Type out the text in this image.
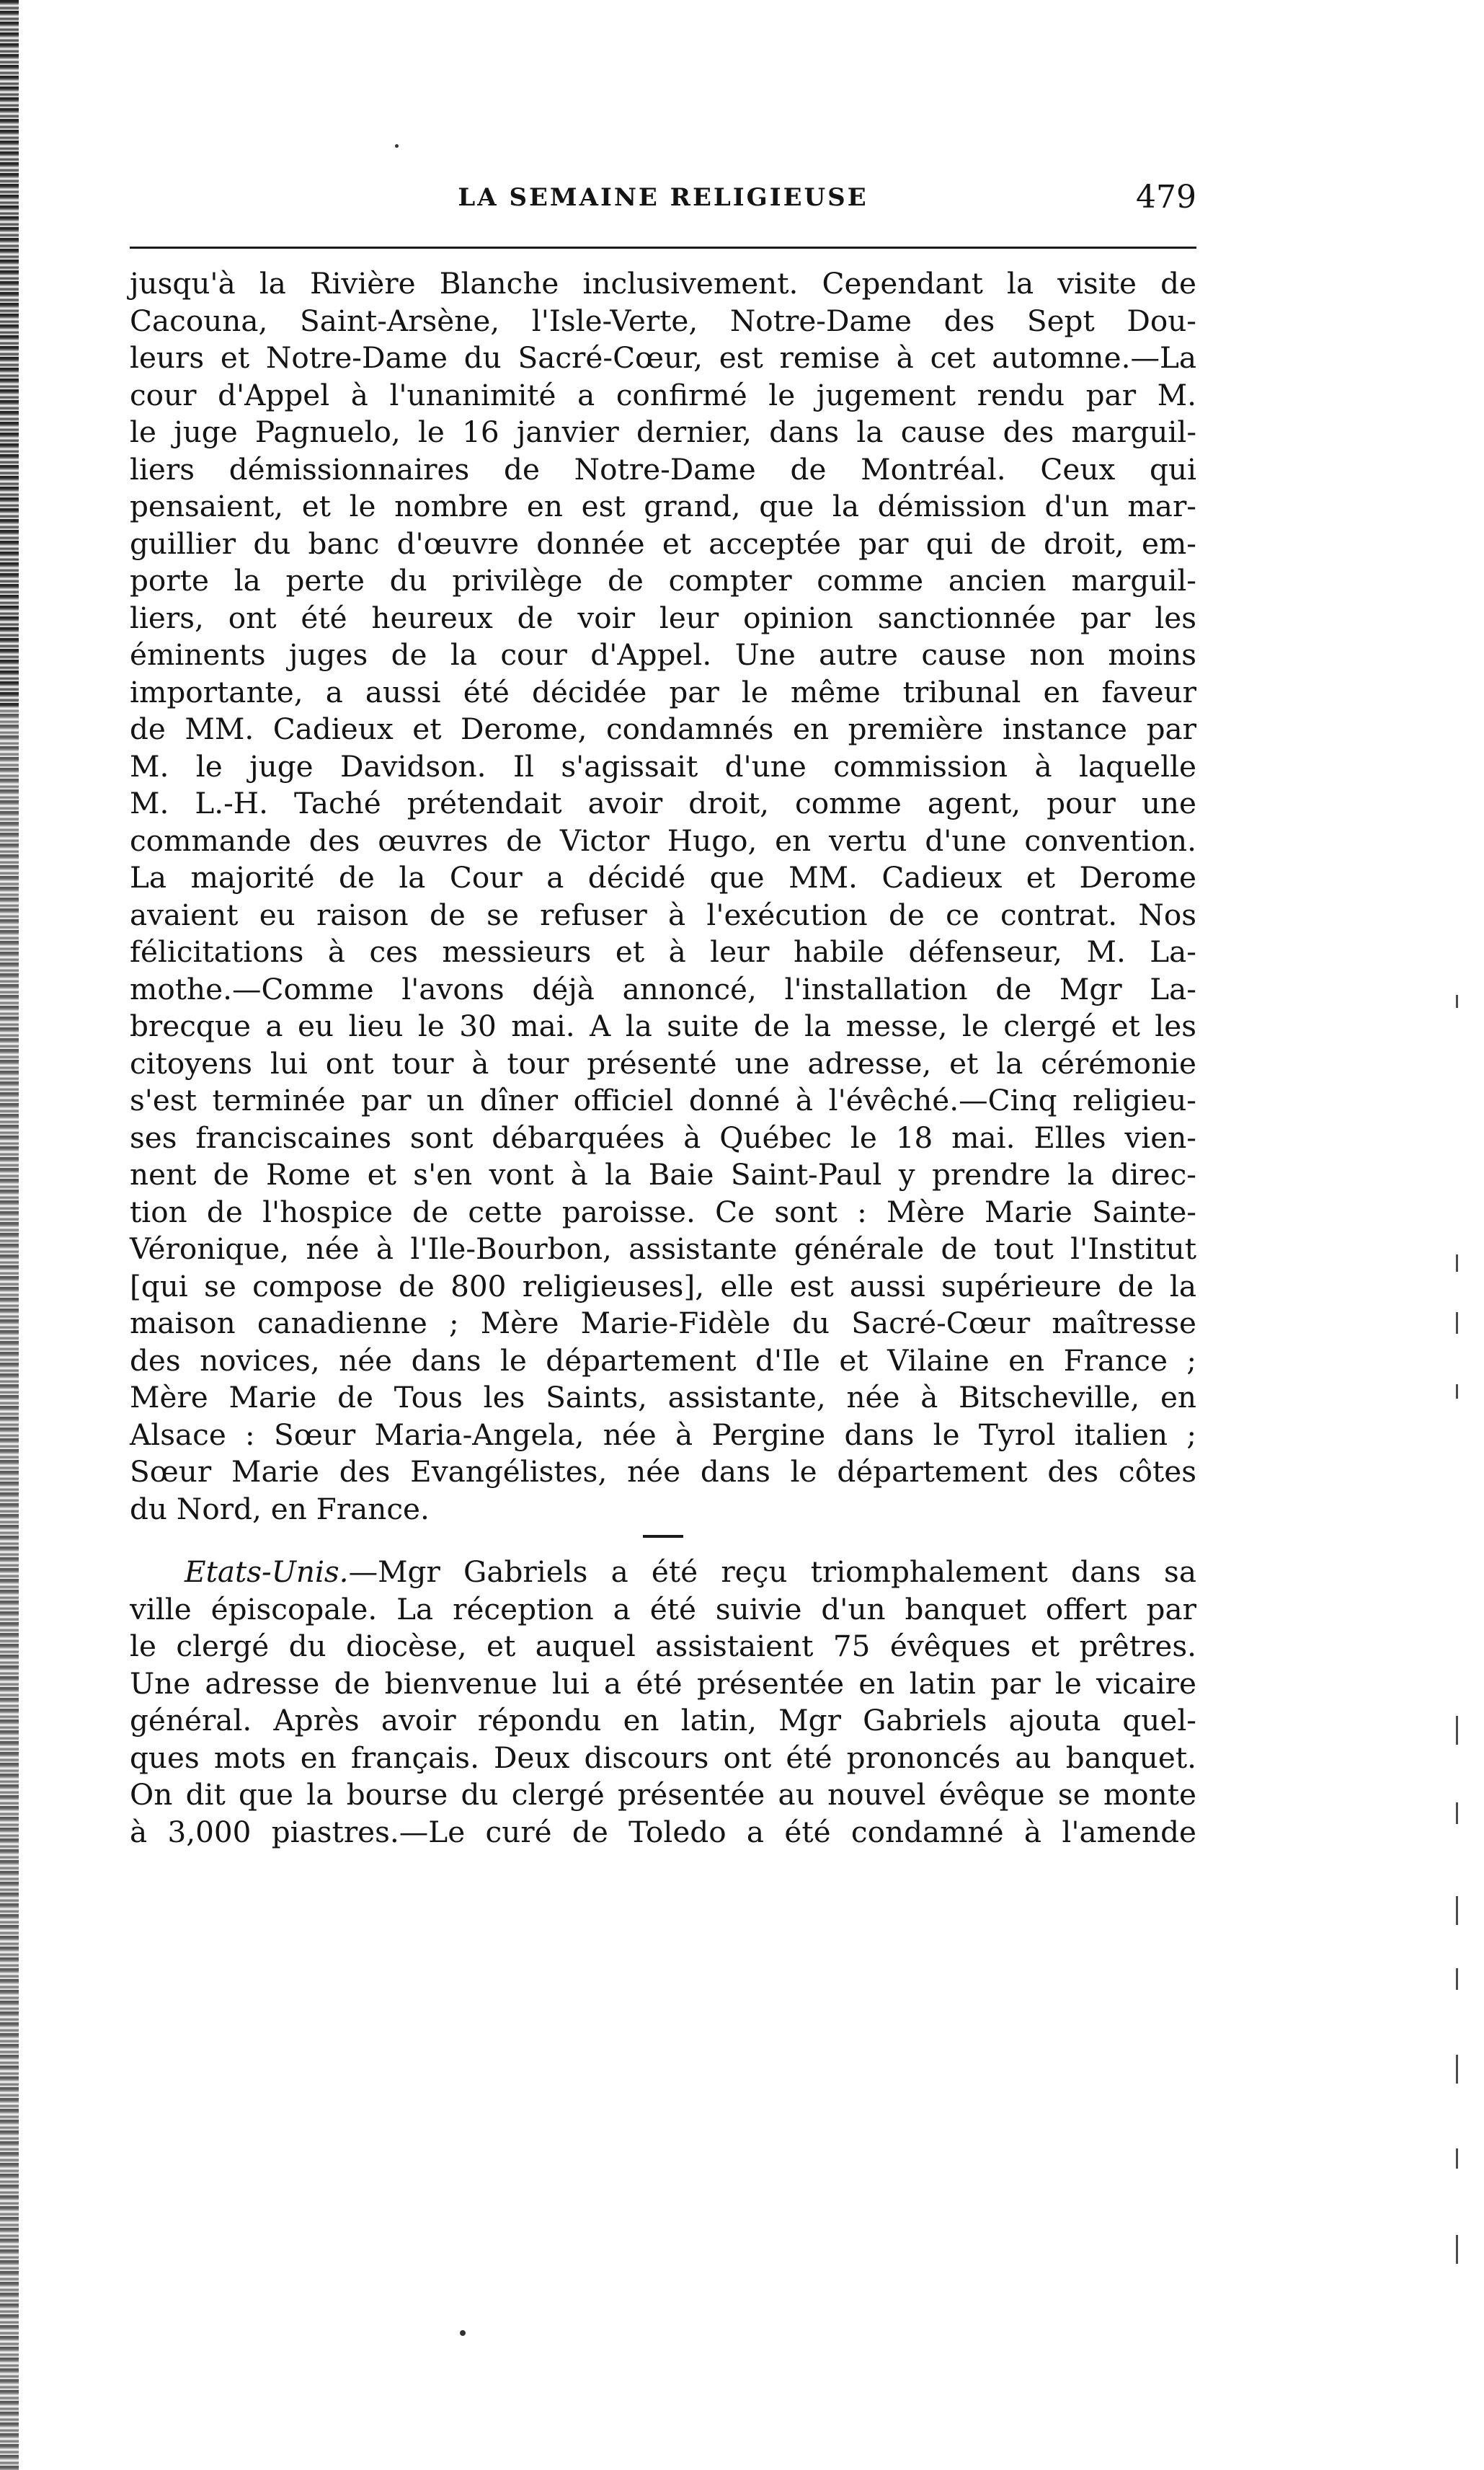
LA SEMAINE RELIGIEUSE	479
jusqu'à la Rivière Blanche inclusivement. Cependant la visite de
Cacouna, Saint-Arsène, l'Isle-Verte, Notre-Dame des Sept Dou-
leurs et Notre-Dame du Sacré-Cœur, est remise à cet automne.—La
cour d'Appel à l'unanimité a confirmé le jugement rendu par M.
le juge Pagnuelo, le 16 janvier dernier, dans la cause des marguil-
liers démissionnaires de Notre-Dame de Montréal. Ceux qui
pensaient, et le nombre en est grand, que la démission d'un mar-
guillier du banc d'œuvre donnée et acceptée par qui de droit, em-
porte la perte du privilège de compter comme ancien marguil-
liers, ont été heureux de voir leur opinion sanctionnée par les
éminents juges de la cour d'Appel. Une autre cause non moins
importante, a aussi été décidée par le même tribunal en faveur
de MM. Cadieux et Derome, condamnés en première instance par
M. le juge Davidson. Il s'agissait d'une commission à laquelle
M. L.-H. Taché prétendait avoir droit, comme agent, pour une
commande des œuvres de Victor Hugo, en vertu d'une convention.
La majorité de la Cour a décidé que MM. Cadieux et Derome
avaient eu raison de se refuser à l'exécution de ce contrat. Nos
félicitations à ces messieurs et à leur habile défenseur, M. La-
mothe.—Comme l'avons déjà annoncé, l'installation de Mgr La-
brecque a eu lieu le 30 mai. A la suite de la messe, le clergé et les
citoyens lui ont tour à tour présenté une adresse, et la cérémonie
s'est terminée par un dîner officiel donné à l'évêché.—Cinq religieu-
ses franciscaines sont débarquées à Québec le 18 mai. Elles vien-
nent de Rome et s'en vont à la Baie Saint-Paul y prendre la direc-
tion de l'hospice de cette paroisse. Ce sont : Mère Marie Sainte-
Véronique, née à l'Ile-Bourbon, assistante générale de tout l'Institut
[qui se compose de 800 religieuses], elle est aussi supérieure de la
maison canadienne ; Mère Marie-Fidèle du Sacré-Cœur maîtresse
des novices, née dans le département d'Ile et Vilaine en France ;
Mère Marie de Tous les Saints, assistante, née à Bitscheville, en
Alsace : Sœur Maria-Angela, née à Pergine dans le Tyrol italien ;
Sœur Marie des Evangélistes, née dans le département des côtes
du Nord, en France.
Etats-Unis.—Mgr Gabriels a été reçu triomphalement dans sa
ville épiscopale. La réception a été suivie d'un banquet offert par
le clergé du diocèse, et auquel assistaient 75 évêques et prêtres.
Une adresse de bienvenue lui a été présentée en latin par le vicaire
général. Après avoir répondu en latin, Mgr Gabriels ajouta quel-
ques mots en français. Deux discours ont été prononcés au banquet.
On dit que la bourse du clergé présentée au nouvel évêque se monte
à 3,000 piastres.—Le curé de Toledo a été condamné à l'amende
